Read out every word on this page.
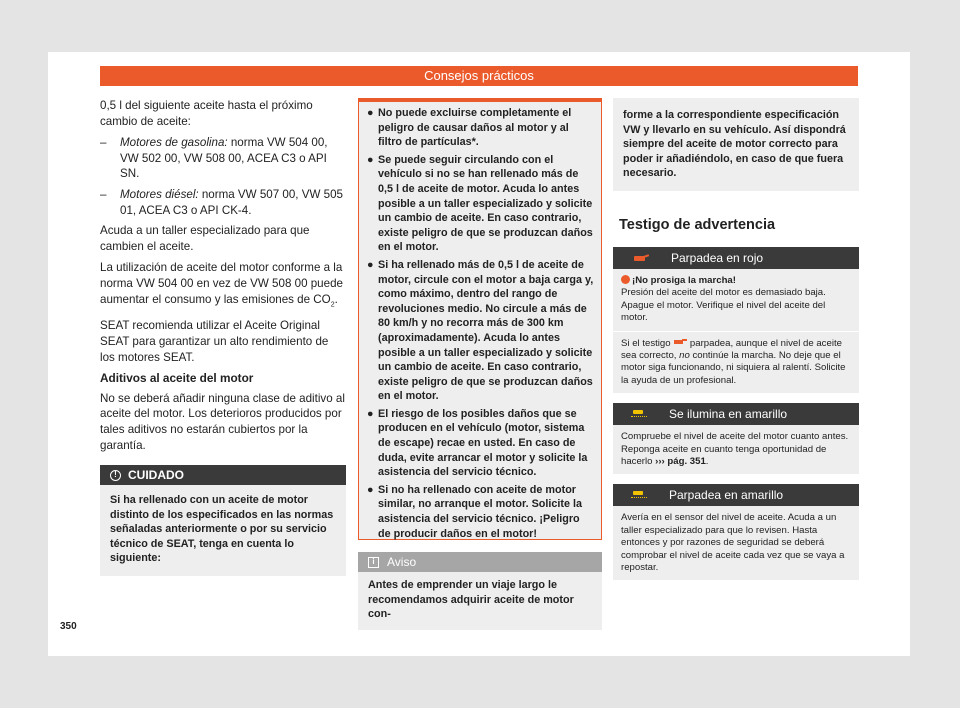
Consejos prácticos

0,5 l del siguiente aceite hasta el próximo cambio de aceite:

–	Motores de gasolina: norma VW 504 00, VW 502 00, VW 508 00, ACEA C3 o API SN.
–	Motores diésel: norma VW 507 00, VW 505 01, ACEA C3 o API CK-4.

Acuda a un taller especializado para que cambien el aceite.

La utilización de aceite del motor conforme a la norma VW 504 00 en vez de VW 508 00 puede aumentar el consumo y las emisiones de $CO_2$.

SEAT recomienda utilizar el Aceite Original SEAT para garantizar un alto rendimiento de los motores SEAT.

Aditivos al aceite del motor

No se deberá añadir ninguna clase de aditivo al aceite del motor. Los deterioros producidos por tales aditivos no estarán cubiertos por la garantía.

! CUIDADO
Si ha rellenado con un aceite de motor distinto de los especificados en las normas señaladas anteriormente o por su servicio técnico de SEAT, tenga en cuenta lo siguiente:
● No puede excluirse completamente el peligro de causar daños al motor y al filtro de partículas*.
● Se puede seguir circulando con el vehículo si no se han rellenado más de 0,5 l de aceite de motor. Acuda lo antes posible a un taller especializado y solicite un cambio de aceite. En caso contrario, existe peligro de que se produzcan daños en el motor.
● Si ha rellenado más de 0,5 l de aceite de motor, circule con el motor a baja carga y, como máximo, dentro del rango de revoluciones medio. No circule a más de 80 km/h y no recorra más de 300 km (aproximadamente). Acuda lo antes posible a un taller especializado y solicite un cambio de aceite. En caso contrario, existe peligro de que se produzcan daños en el motor.
● El riesgo de los posibles daños que se producen en el vehículo (motor, sistema de escape) recae en usted. En caso de duda, evite arrancar el motor y solicite la asistencia del servicio técnico.
● Si no ha rellenado con aceite de motor similar, no arranque el motor. Solicite la asistencia del servicio técnico. ¡Peligro de producir daños en el motor!
i	Aviso
Antes de emprender un viaje largo le recomendamos adquirir aceite de motor con-
forme a la correspondiente especificación VW y llevarlo en su vehículo. Así dispondrá siempre del aceite de motor correcto para poder ir añadiéndolo, en caso de que fuera necesario.
Testigo de advertencia
Parpadea en rojo
¡No prosiga la marcha!
Presión del aceite del motor es demasiado baja. Apague el motor. Verifique el nivel del aceite del motor.
Si el testigo  parpadea, aunque el nivel de aceite sea correcto, no continúe la marcha. No deje que el motor siga funcionando, ni siquiera al ralentí. Solicite la ayuda de un profesional.
Se ilumina en amarillo
Compruebe el nivel de aceite del motor cuanto antes.
Reponga aceite en cuanto tenga oportunidad de hacerlo ››› pág. 351.
Parpadea en amarillo
Avería en el sensor del nivel de aceite. Acuda a un taller especializado para que lo revisen. Hasta entonces y por razones de seguridad se deberá comprobar el nivel de aceite cada vez que se vaya a repostar.
350
